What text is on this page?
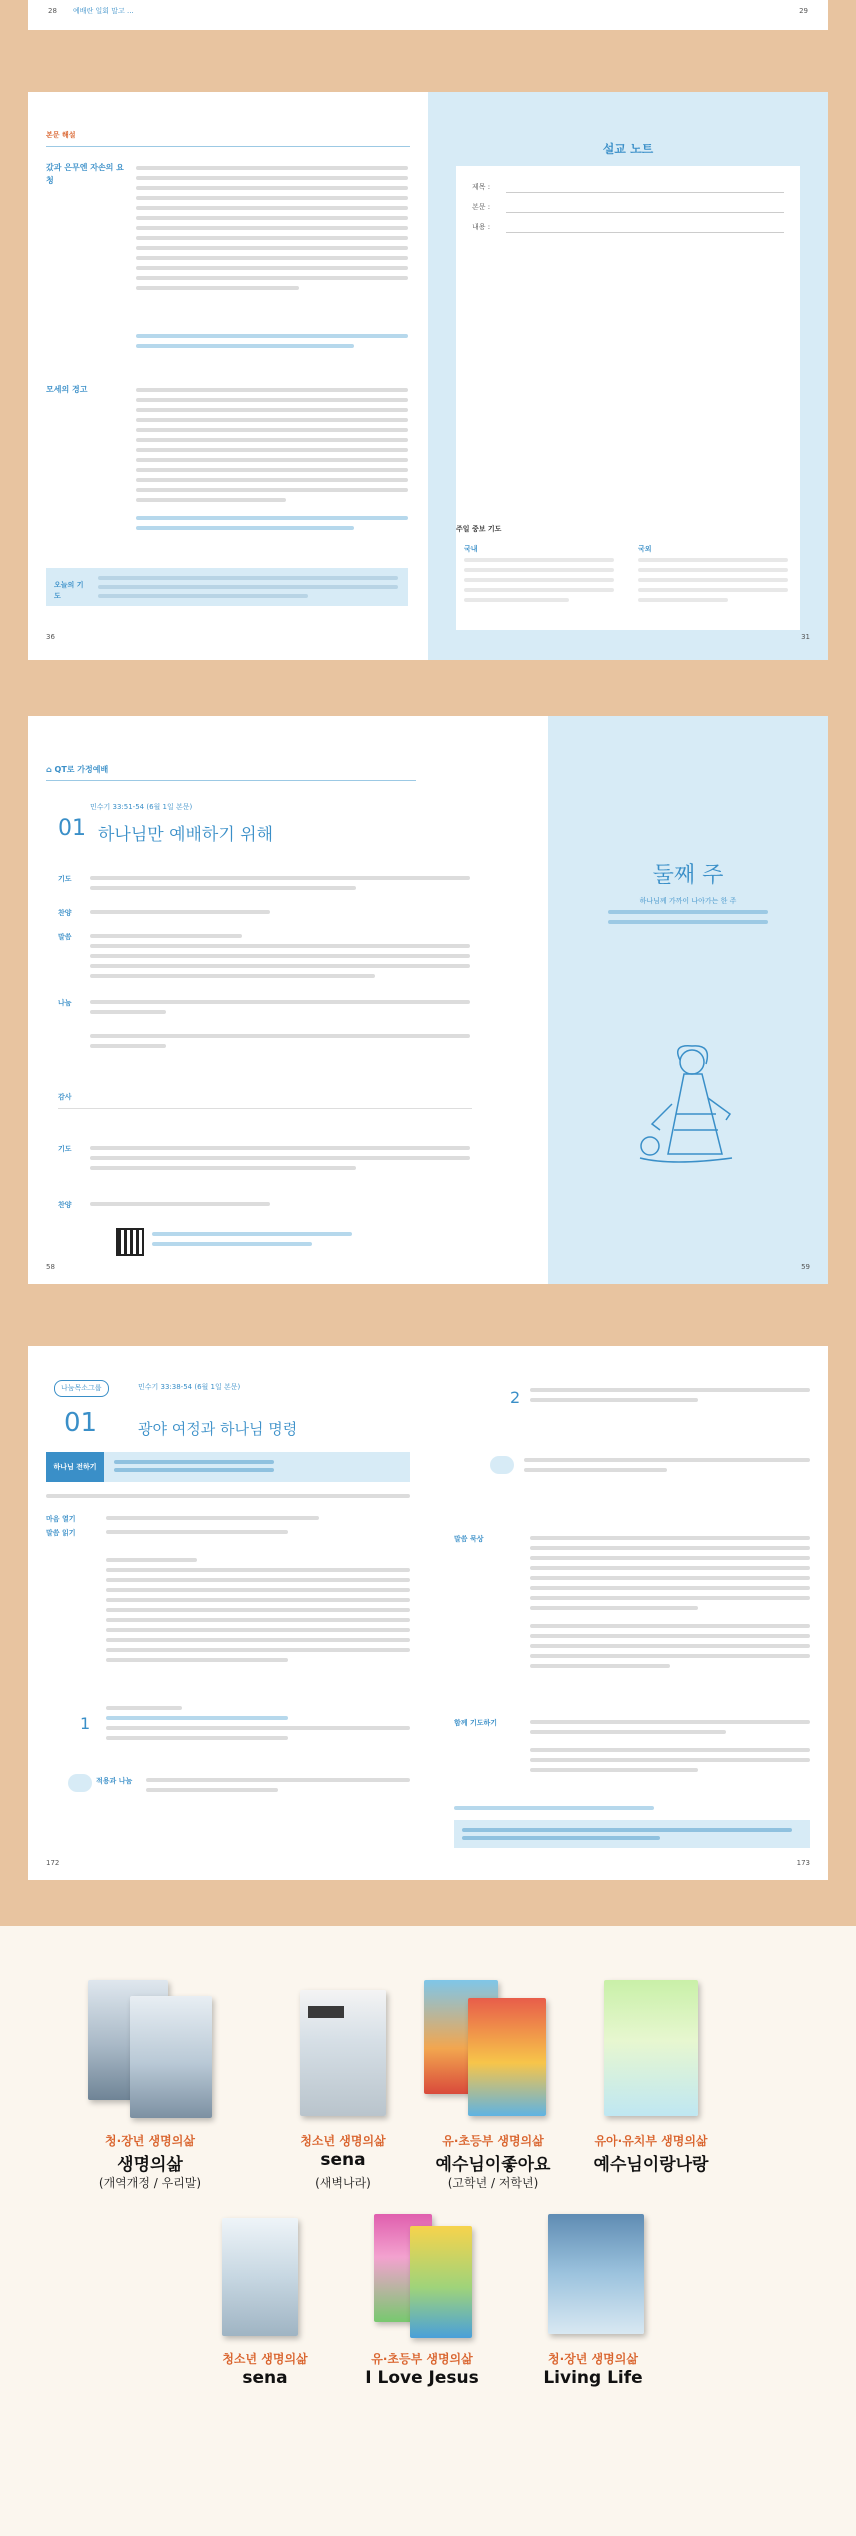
28 예배란 일회 말고 ...	29
본문 해설
갔과 은무엔 자손의 요청
모세의 경고
오늘의 기도
36
설교 노트
제목 :
본문 :
내용 :
주일 중보 기도
국내	국외
31
⌂ QT로 가정예배
민수기 33:51-54 (6월 1일 본문)
01 하나님만 예배하기 위해
기도
찬양
말씀
나눔
감사
기도
찬양
58
둘째 주
하나님께 가까이 나아가는 한 주
59
나눔목소그룹	민수기 33:38-54 (6월 1일 본문)
01	광야 여정과 하나님 명령
하나님 전하기
마음 열기
말씀 읽기
1
적용과 나눔
172
2
말씀 묵상
함께 기도하기
173
청·장년 생명의삶
생명의삶
(개역개정 / 우리말)
청소년 생명의삶
sena
(새벽나라)
유·초등부 생명의삶
예수님이좋아요
(고학년 / 저학년)
유아·유치부 생명의삶
예수님이랑나랑
청소년 생명의삶
sena
유·초등부 생명의삶
I Love Jesus
청·장년 생명의삶
Living Life
